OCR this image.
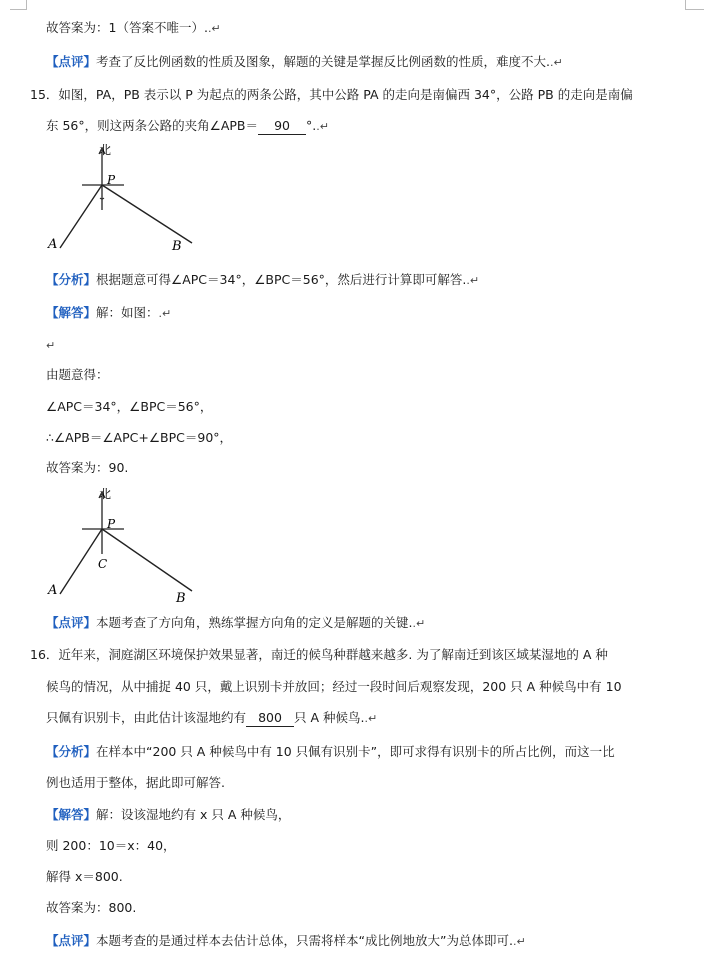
故答案为：1（答案不唯一）..↵
【点评】考查了反比例函数的性质及图象，解题的关键是掌握反比例函数的性质，难度不大..↵
15．如图，PA，PB 表示以 P 为起点的两条公路，其中公路 PA 的走向是南偏西 34°，公路 PB 的走向是南偏
东 56°，则这两条公路的夹角∠APB＝ 90 °..↵
北
P
A	B
【分析】根据题意可得∠APC＝34°，∠BPC＝56°，然后进行计算即可解答..↵
【解答】解：如图：.↵
↵
由题意得：
∠APC＝34°，∠BPC＝56°，
∴∠APB＝∠APC+∠BPC＝90°，
故答案为：90.
北
P
C
A
B
【点评】本题考查了方向角，熟练掌握方向角的定义是解题的关键..↵
16．近年来，洞庭湖区环境保护效果显著，南迁的候鸟种群越来越多. 为了解南迁到该区域某湿地的 A 种
候鸟的情况，从中捕捉 40 只，戴上识别卡并放回；经过一段时间后观察发现，200 只 A 种候鸟中有 10
只佩有识别卡，由此估计该湿地约有 800 只 A 种候鸟..↵
【分析】在样本中“200 只 A 种候鸟中有 10 只佩有识别卡”，即可求得有识别卡的所占比例，而这一比
例也适用于整体，据此即可解答.
【解答】解：设该湿地约有 x 只 A 种候鸟，
则 200：10＝x：40，
解得 x＝800.
故答案为：800.
【点评】本题考查的是通过样本去估计总体，只需将样本“成比例地放大”为总体即可..↵
